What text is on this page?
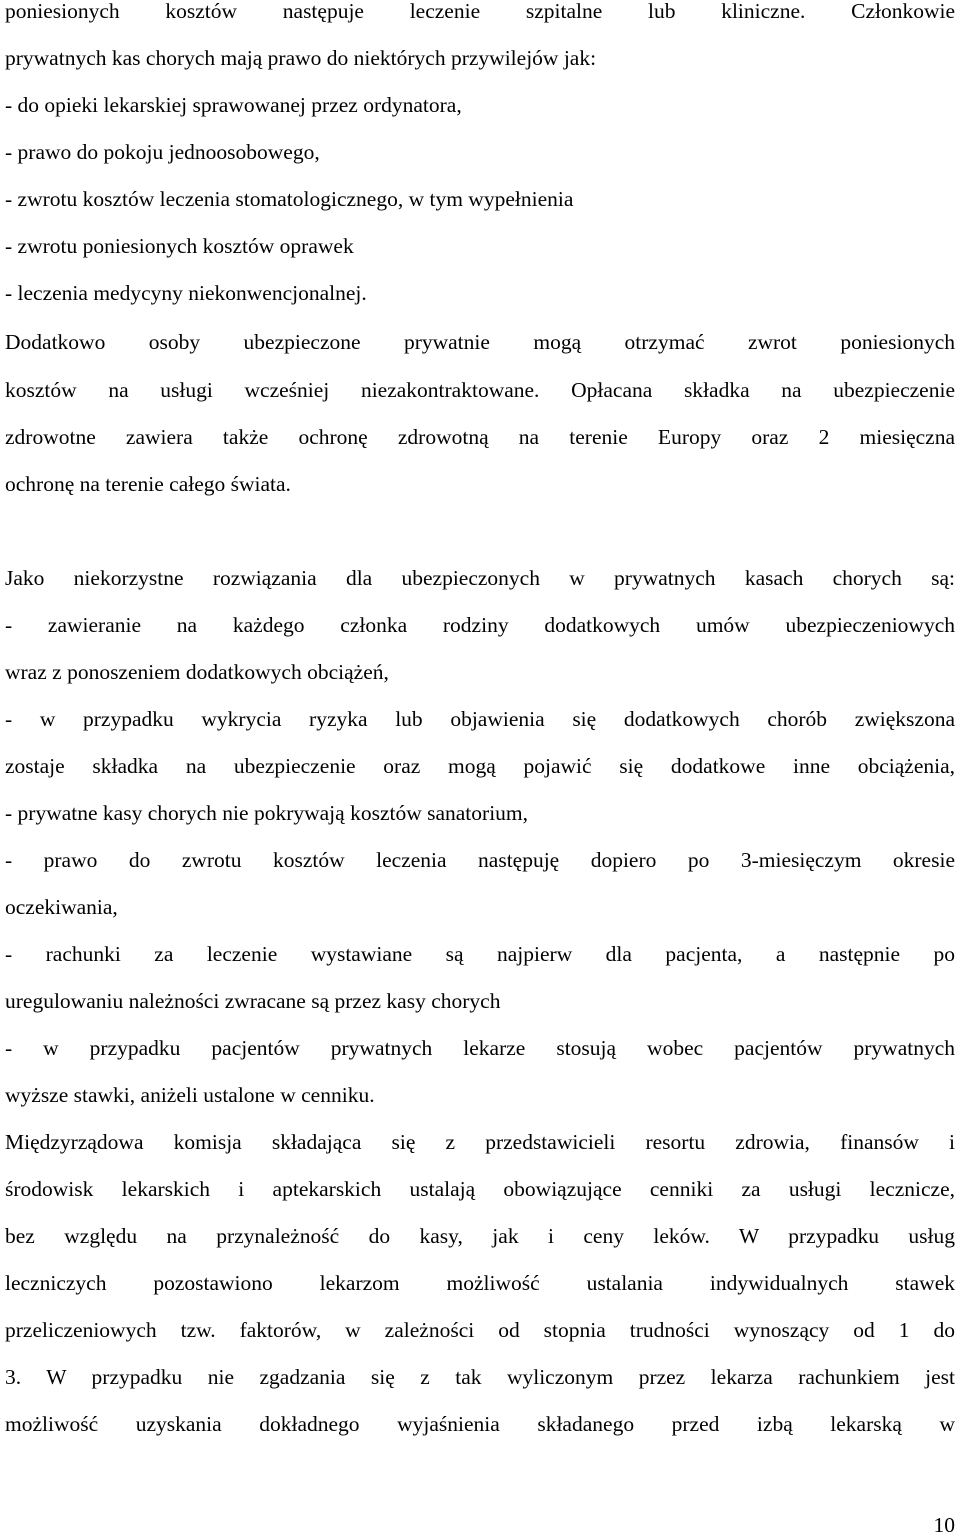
poniesionych kosztów następuje leczenie szpitalne lub kliniczne. Członkowie
prywatnych kas chorych mają prawo do niektórych przywilejów jak:
- do opieki lekarskiej sprawowanej przez ordynatora,
- prawo do pokoju jednoosobowego,
- zwrotu kosztów leczenia stomatologicznego, w tym wypełnienia
- zwrotu poniesionych kosztów oprawek
- leczenia medycyny niekonwencjonalnej.
Dodatkowo osoby ubezpieczone prywatnie mogą otrzymać zwrot poniesionych
kosztów na usługi wcześniej niezakontraktowane. Opłacana składka na ubezpieczenie
zdrowotne zawiera także ochronę zdrowotną na terenie Europy oraz 2 miesięczna
ochronę na terenie całego świata.
Jako niekorzystne rozwiązania dla ubezpieczonych w prywatnych kasach chorych są:
- zawieranie na każdego członka rodziny dodatkowych umów ubezpieczeniowych
wraz z ponoszeniem dodatkowych obciążeń,
- w przypadku wykrycia ryzyka lub objawienia się dodatkowych chorób zwiększona
zostaje składka na ubezpieczenie oraz mogą pojawić się dodatkowe inne obciążenia,
- prywatne kasy chorych nie pokrywają kosztów sanatorium,
- prawo do zwrotu kosztów leczenia następuję dopiero po 3-miesięczym okresie
oczekiwania,
- rachunki za leczenie wystawiane są najpierw dla pacjenta, a następnie po
uregulowaniu należności zwracane są przez kasy chorych
- w przypadku pacjentów prywatnych lekarze stosują wobec pacjentów prywatnych
wyższe stawki, aniżeli ustalone w cenniku.
Międzyrządowa komisja składająca się z przedstawicieli resortu zdrowia, finansów i
środowisk lekarskich i aptekarskich ustalają obowiązujące cenniki za usługi lecznicze,
bez względu na przynależność do kasy, jak i ceny leków. W przypadku usług
leczniczych pozostawiono lekarzom możliwość ustalania indywidualnych stawek
przeliczeniowych tzw. faktorów, w zależności od stopnia trudności wynoszący od 1 do
3. W przypadku nie zgadzania się z tak wyliczonym przez lekarza rachunkiem jest
możliwość uzyskania dokładnego wyjaśnienia składanego przed izbą lekarską w
10
